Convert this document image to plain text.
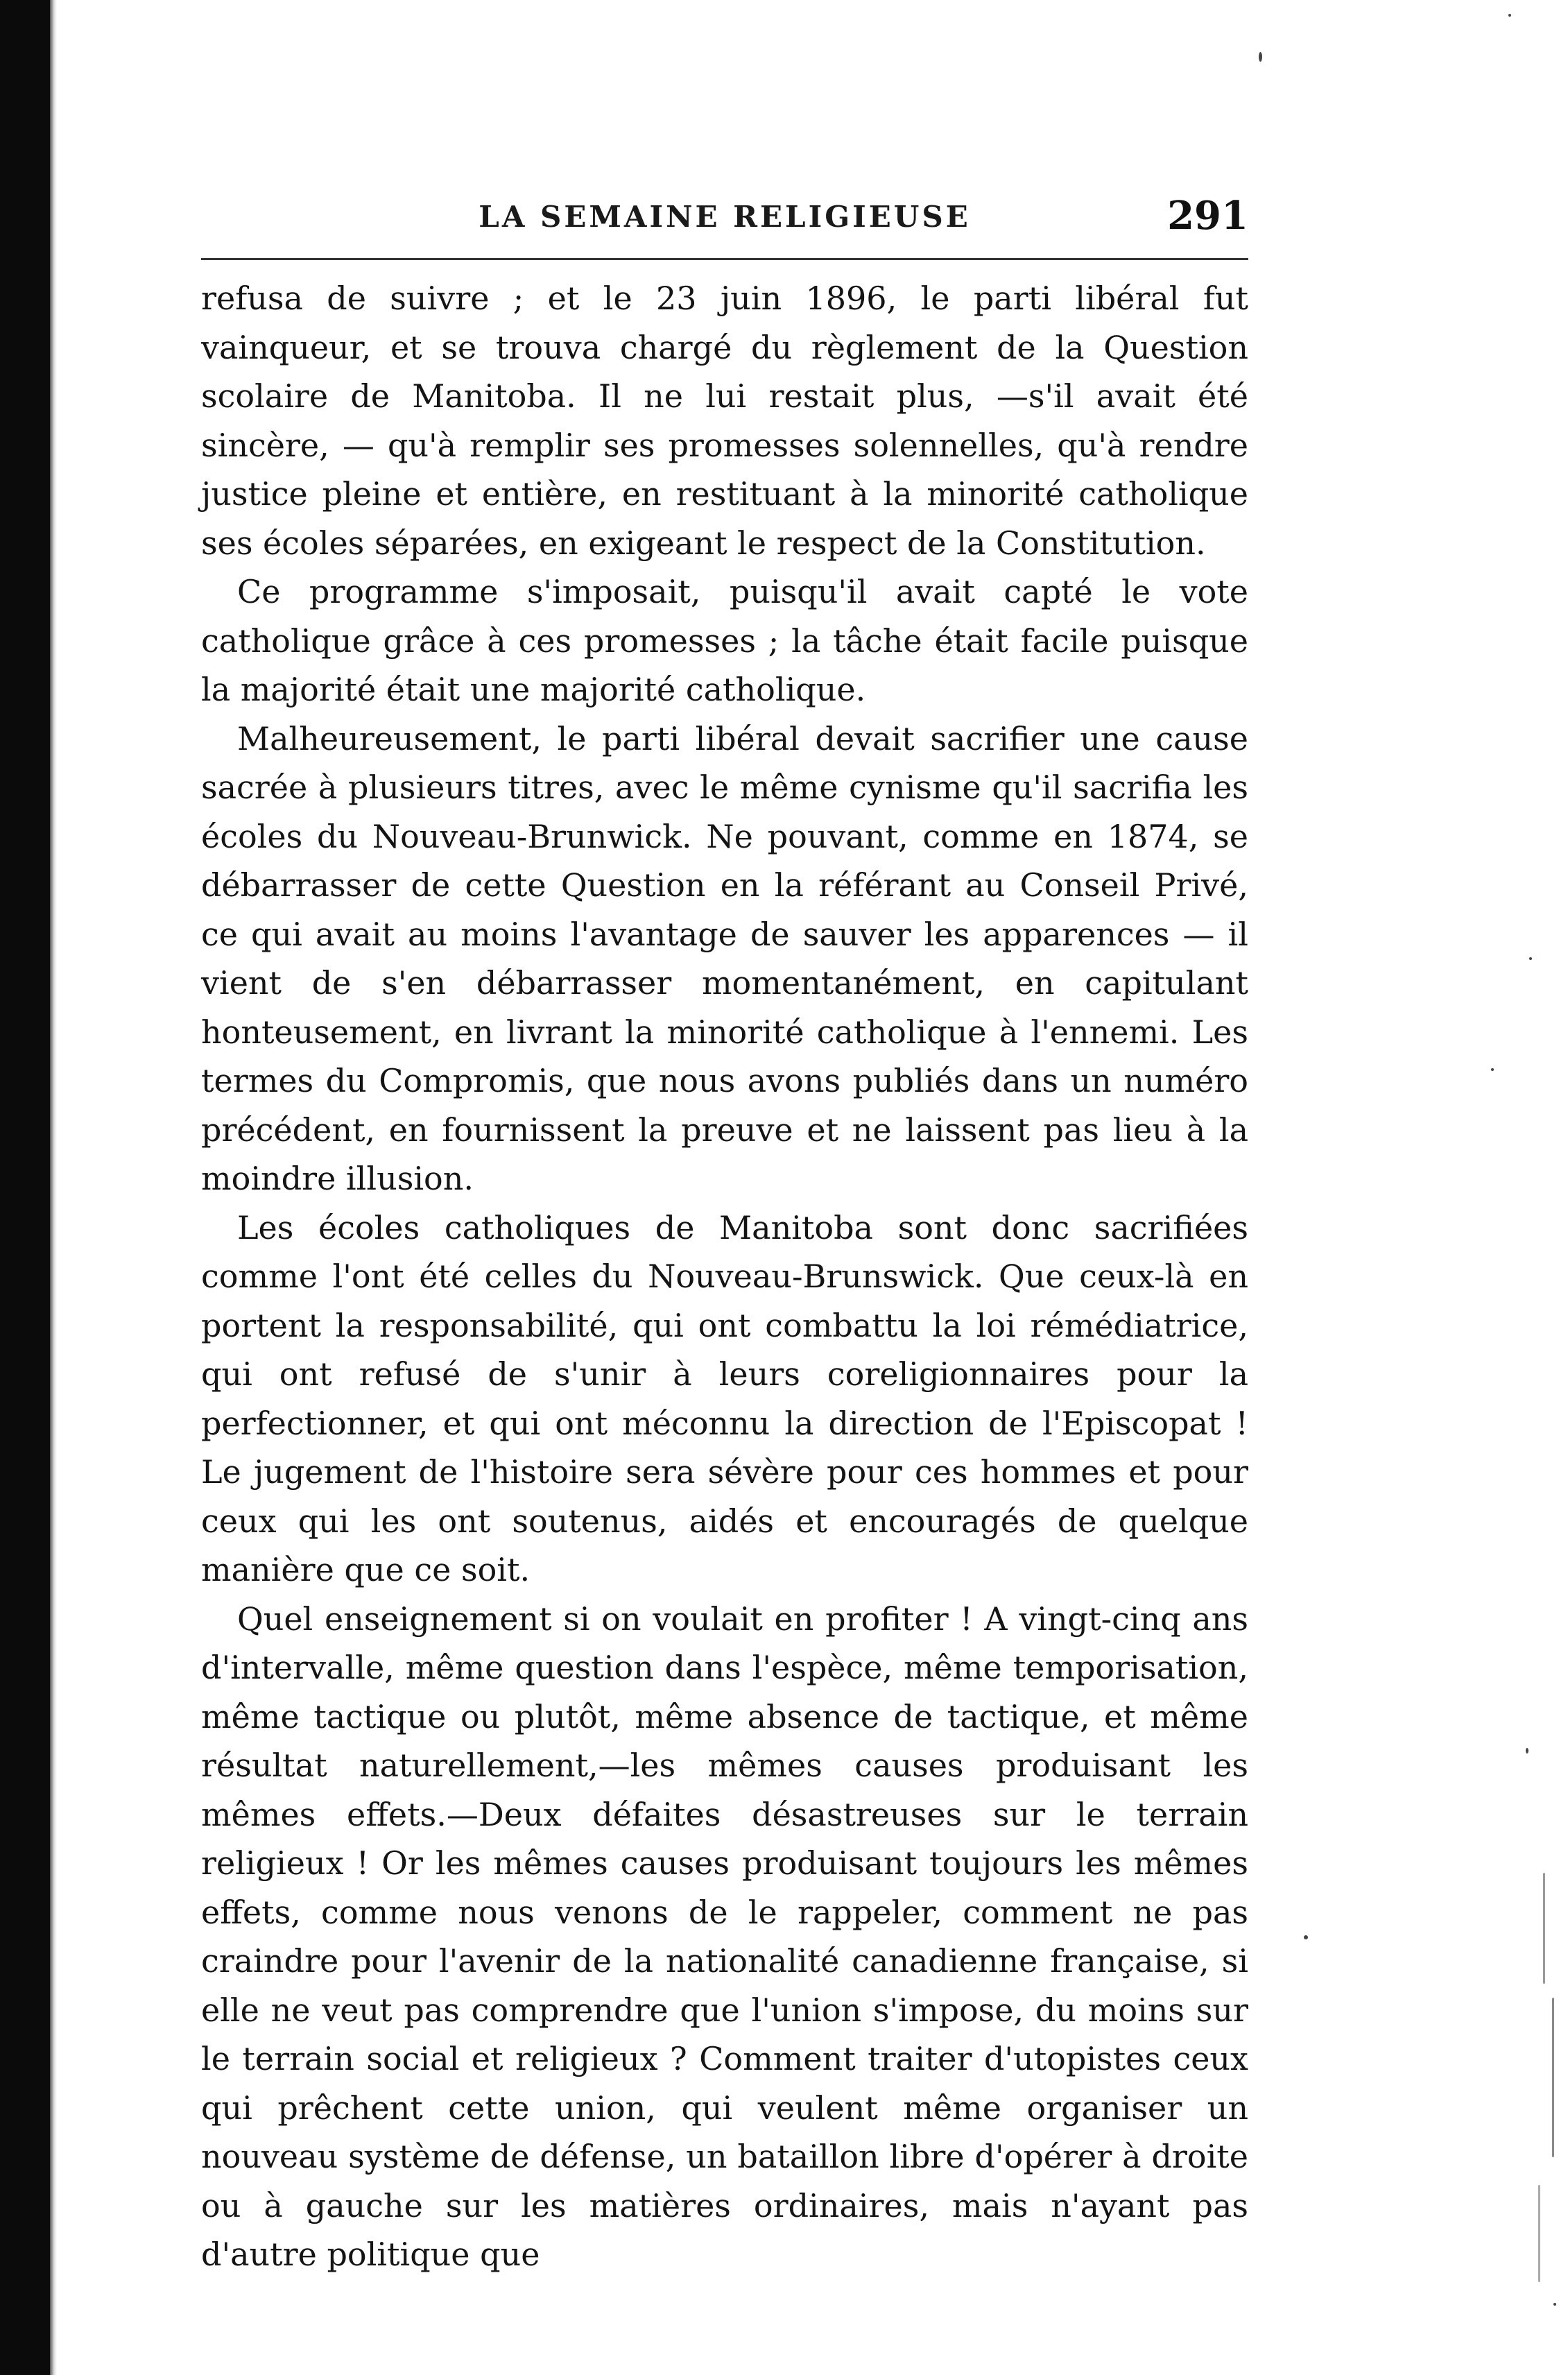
LA SEMAINE RELIGIEUSE	291

refusa de suivre ; et le 23 juin 1896, le parti libéral fut vainqueur, et se trouva chargé du règlement de la Question scolaire de Manitoba. Il ne lui restait plus, —s'il avait été sincère, — qu'à remplir ses promesses solennelles, qu'à rendre justice pleine et entière, en restituant à la minorité catholique ses écoles séparées, en exigeant le respect de la Constitution.

Ce programme s'imposait, puisqu'il avait capté le vote catholique grâce à ces promesses ; la tâche était facile puisque la majorité était une majorité catholique.

Malheureusement, le parti libéral devait sacrifier une cause sacrée à plusieurs titres, avec le même cynisme qu'il sacrifia les écoles du Nouveau-Brunwick. Ne pouvant, comme en 1874, se débarrasser de cette Question en la référant au Conseil Privé, ce qui avait au moins l'avantage de sauver les apparences — il vient de s'en débarrasser momentanément, en capitulant honteusement, en livrant la minorité catholique à l'ennemi. Les termes du Compromis, que nous avons publiés dans un numéro précédent, en fournissent la preuve et ne laissent pas lieu à la moindre illusion.

Les écoles catholiques de Manitoba sont donc sacrifiées comme l'ont été celles du Nouveau-Brunswick. Que ceux-là en portent la responsabilité, qui ont combattu la loi rémédiatrice, qui ont refusé de s'unir à leurs coreligionnaires pour la perfectionner, et qui ont méconnu la direction de l'Episcopat ! Le jugement de l'histoire sera sévère pour ces hommes et pour ceux qui les ont soutenus, aidés et encouragés de quelque manière que ce soit.

Quel enseignement si on voulait en profiter ! A vingt-cinq ans d'intervalle, même question dans l'espèce, même temporisation, même tactique ou plutôt, même absence de tactique, et même résultat naturellement,—les mêmes causes produisant les mêmes effets.—Deux défaites désastreuses sur le terrain religieux ! Or les mêmes causes produisant toujours les mêmes effets, comme nous venons de le rappeler, comment ne pas craindre pour l'avenir de la nationalité canadienne française, si elle ne veut pas comprendre que l'union s'impose, du moins sur le terrain social et religieux ? Comment traiter d'utopistes ceux qui prêchent cette union, qui veulent même organiser un nouveau système de défense, un bataillon libre d'opérer à droite ou à gauche sur les matières ordinaires, mais n'ayant pas d'autre politique que
